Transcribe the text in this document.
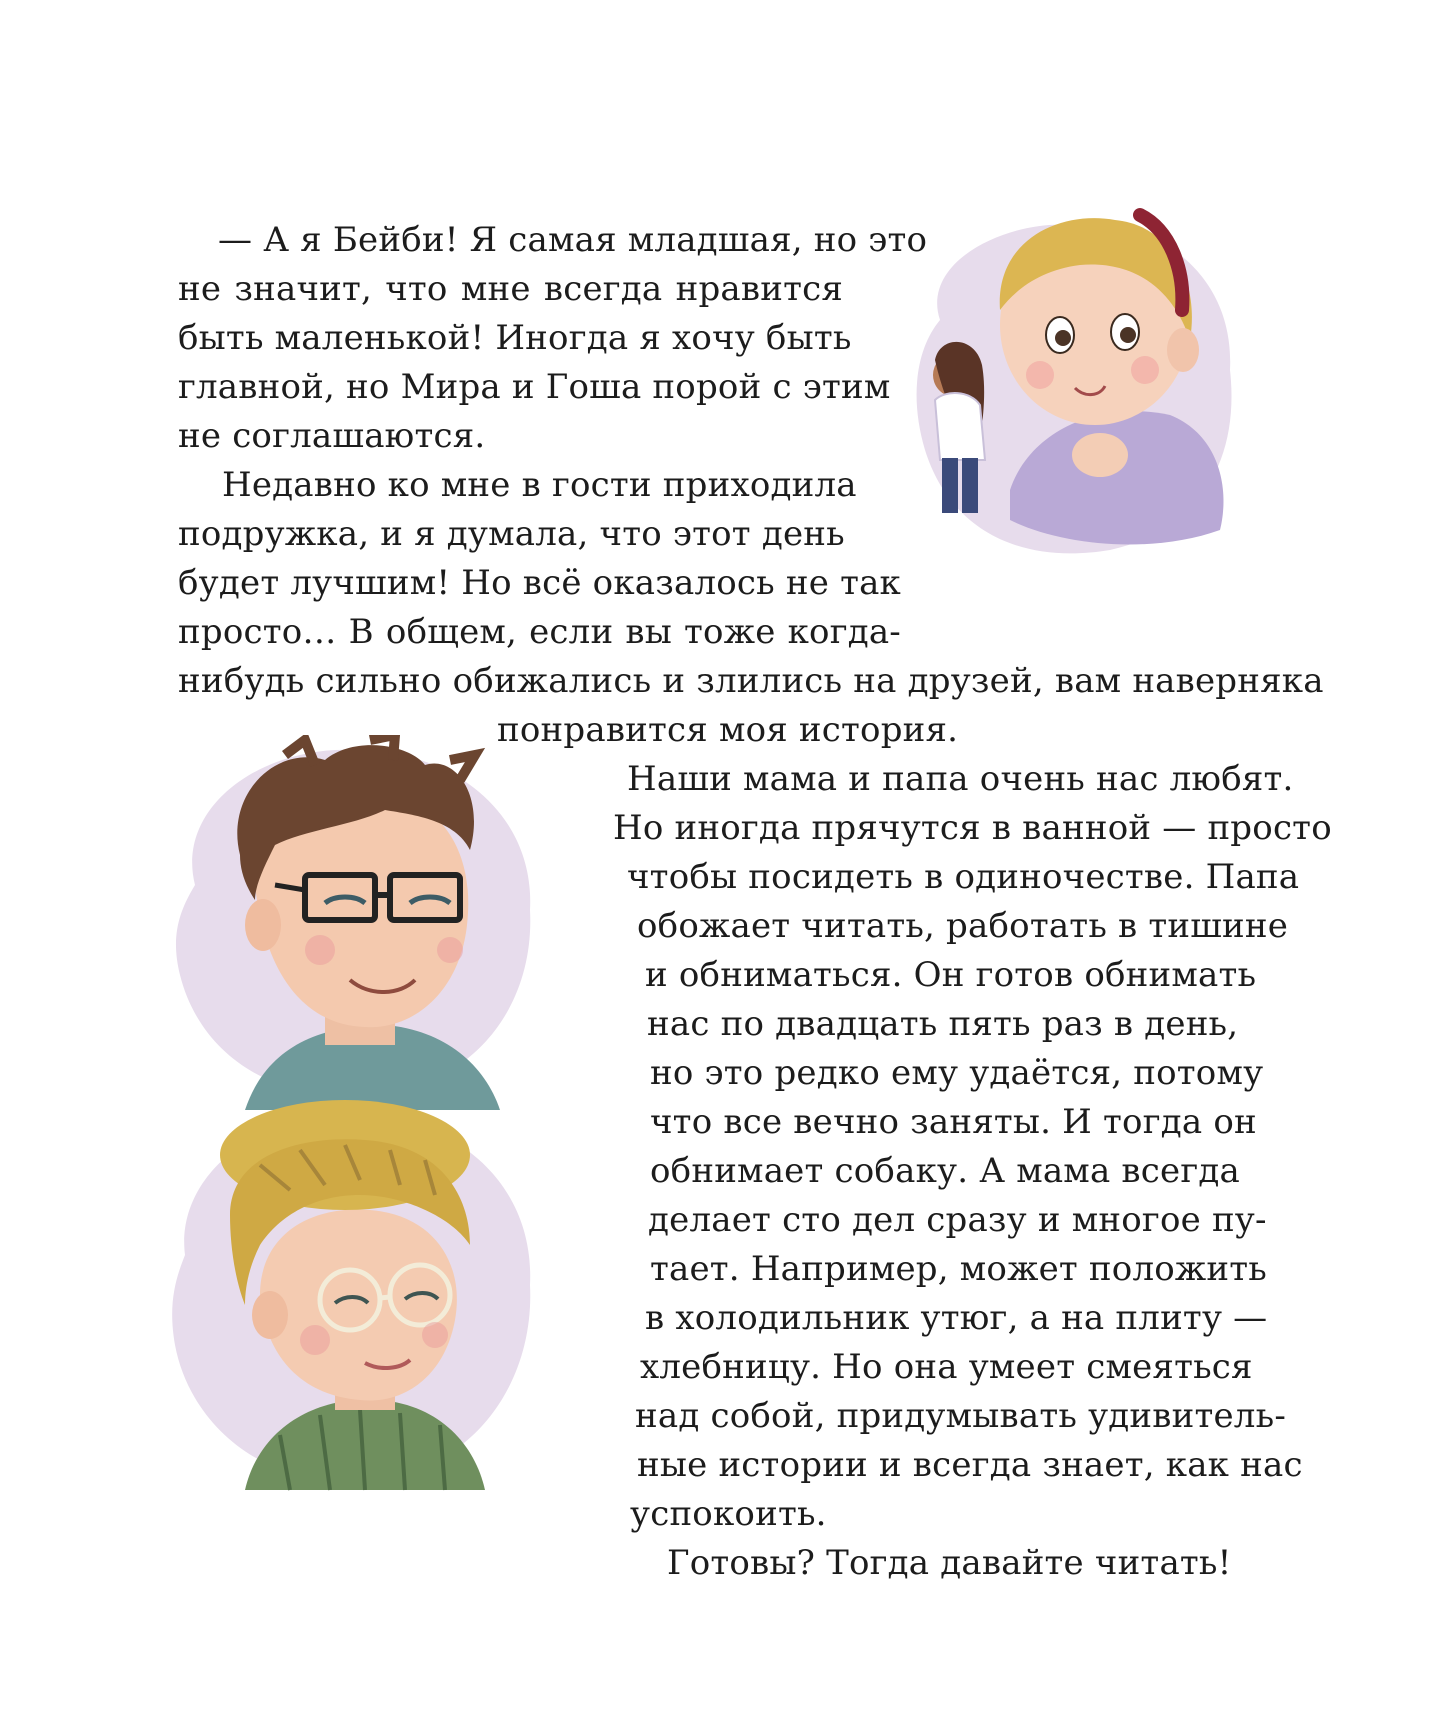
— А я Бейби! Я самая младшая, но это
не значит, что мне всегда нравится
быть маленькой! Иногда я хочу быть
главной, но Мира и Гоша порой с этим
не соглашаются.
Недавно ко мне в гости приходила
подружка, и я думала, что этот день
будет лучшим! Но всё оказалось не так
просто… В общем, если вы тоже когда-
нибудь сильно обижались и злились на друзей, вам наверняка
понравится моя история.
Наши мама и папа очень нас любят.
Но иногда прячутся в ванной — просто
чтобы посидеть в одиночестве. Папа
обожает читать, работать в тишине
и обниматься. Он готов обнимать
нас по двадцать пять раз в день,
но это редко ему удаётся, потому
что все вечно заняты. И тогда он
обнимает собаку. А мама всегда
делает сто дел сразу и многое пу-
тает. Например, может положить
в холодильник утюг, а на плиту —
хлебницу. Но она умеет смеяться
над собой, придумывать удивитель-
ные истории и всегда знает, как нас
успокоить.
Готовы? Тогда давайте читать!
